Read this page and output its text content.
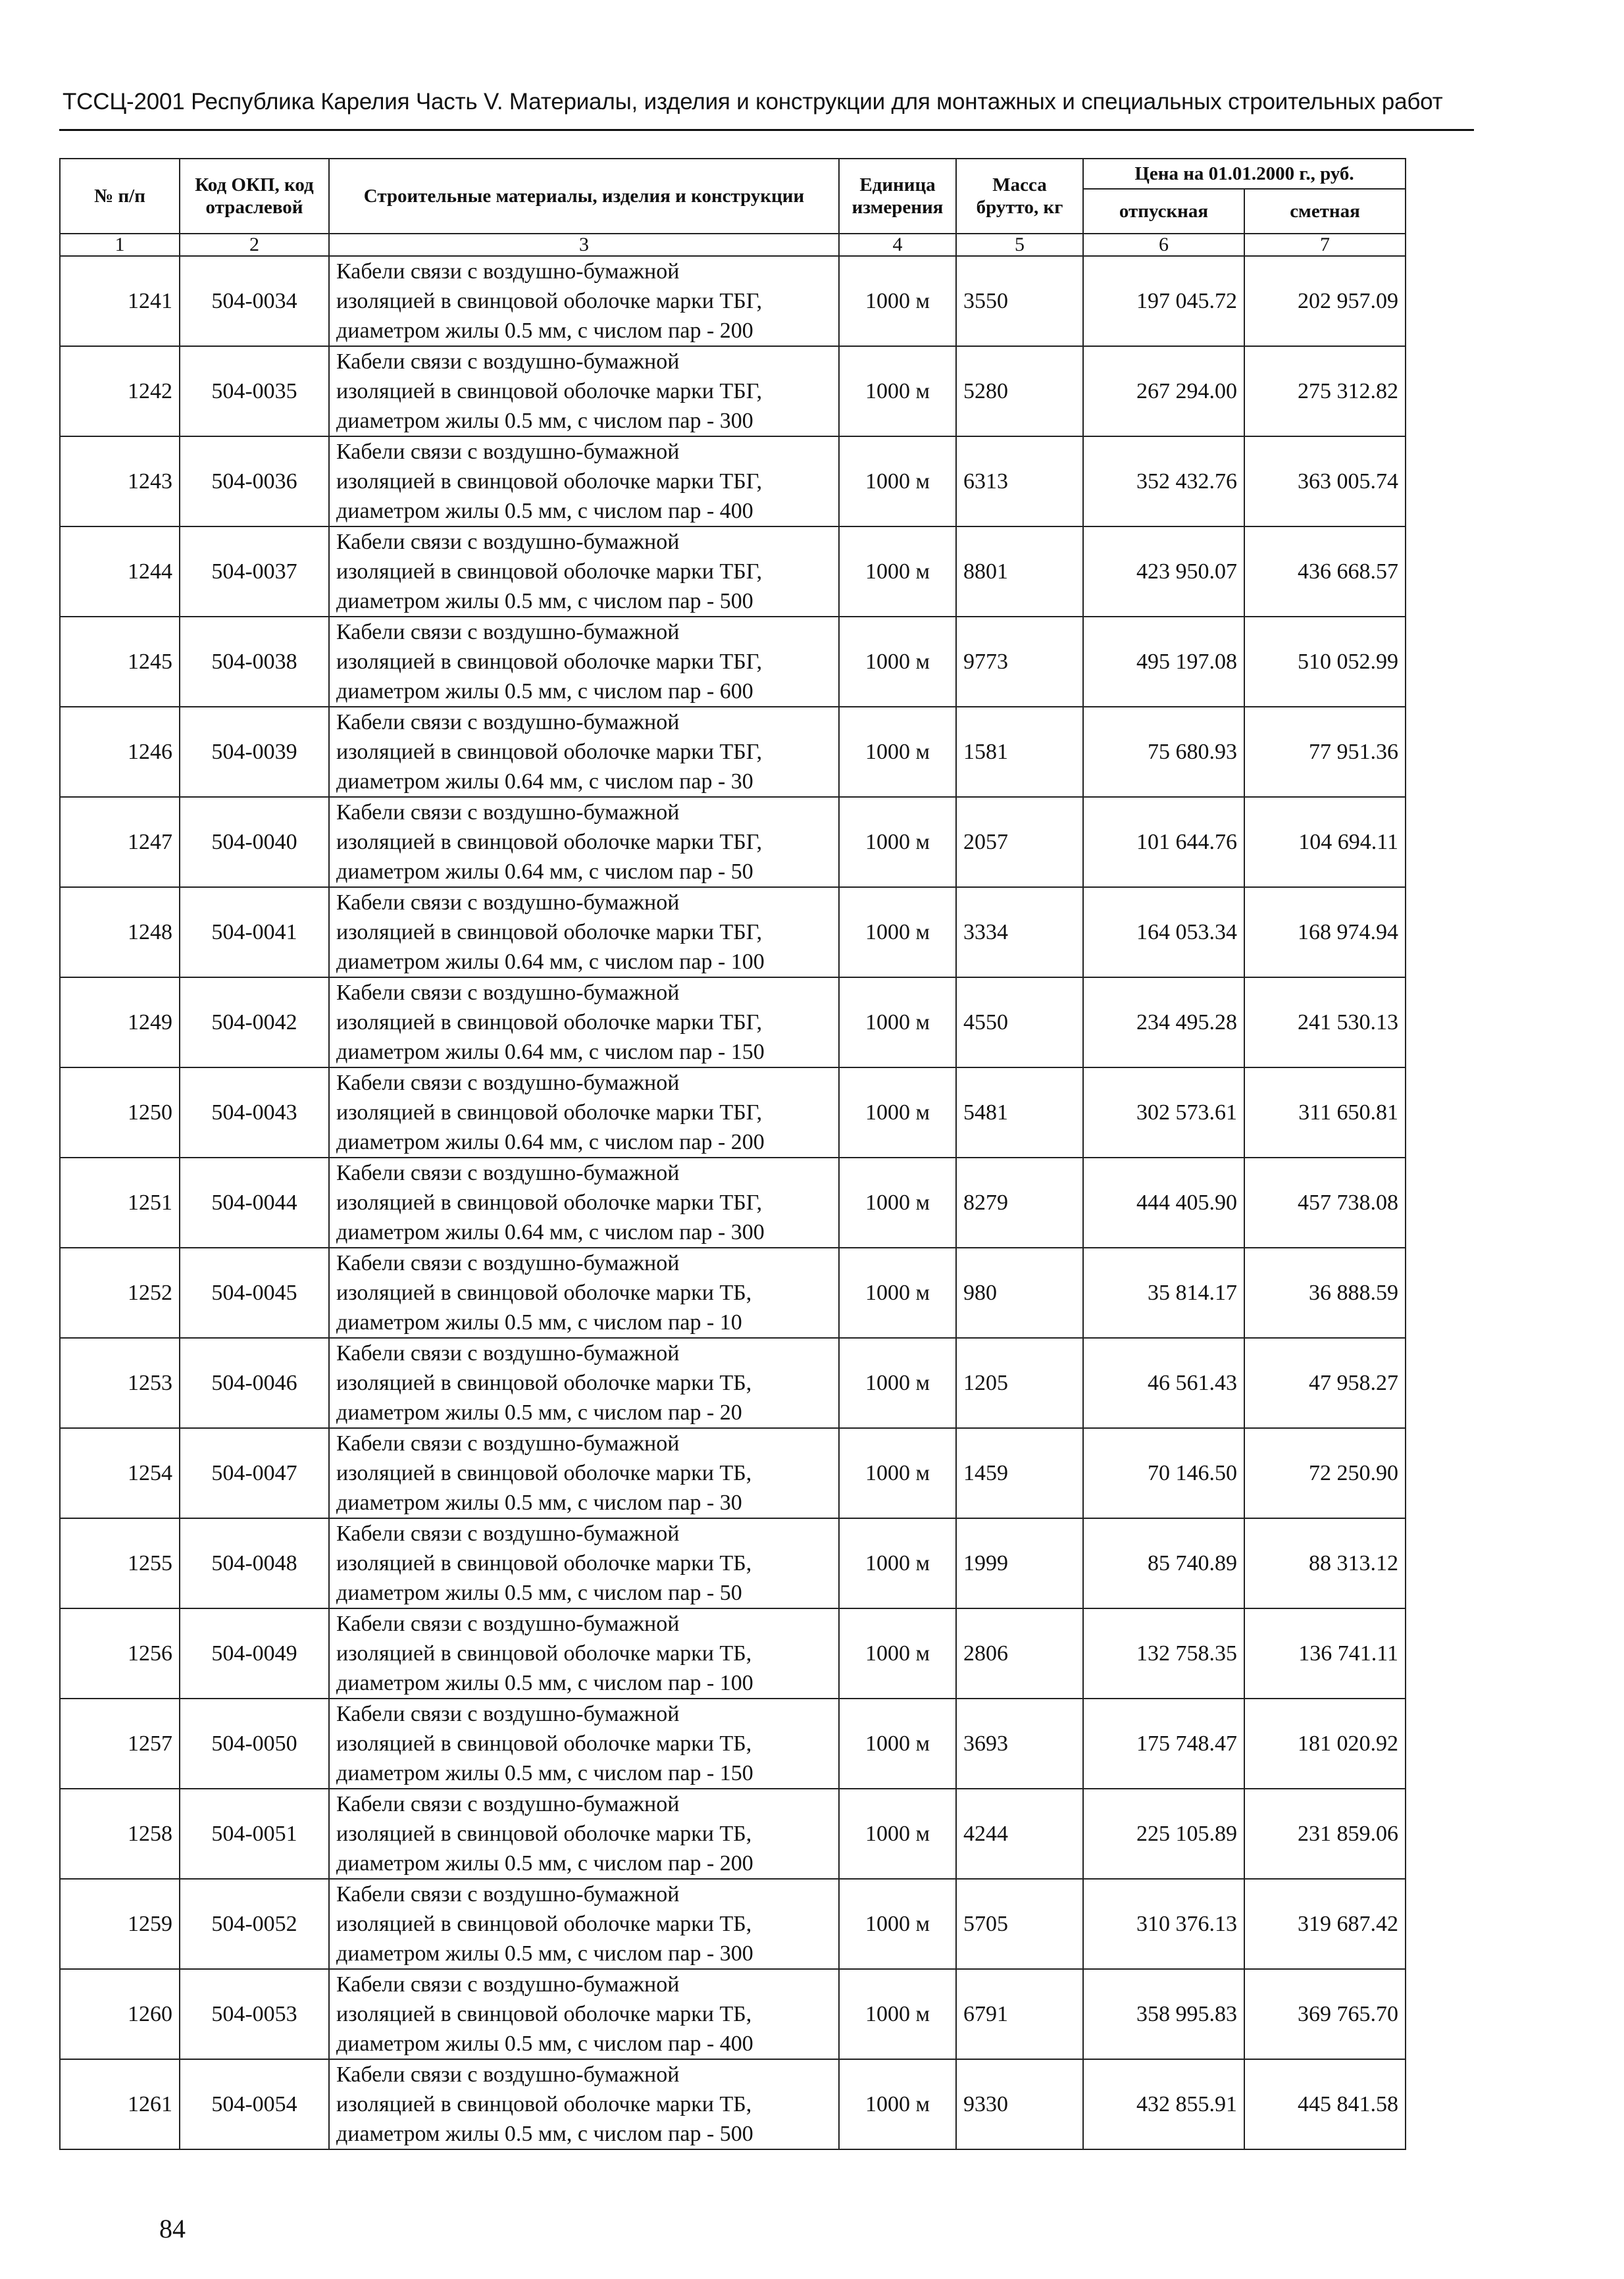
ТССЦ-2001 Республика Карелия Часть V. Материалы, изделия и конструкции для монтажных и специальных строительных работ
№ п/п	Код ОКП, код отраслевой	Строительные материалы, изделия и конструкции	Единица измерения	Масса брутто, кг	Цена на 01.01.2000 г., руб.	
					отпускная	сметная
1	2	3	4	5	6	7
1241	504-0034	Кабели связи с воздушно-бумажной
изоляцией в свинцовой оболочке марки ТБГ,
диаметром жилы 0.5 мм, с числом пар - 200	1000 м	3550	197 045.72	202 957.09
1242	504-0035	Кабели связи с воздушно-бумажной
изоляцией в свинцовой оболочке марки ТБГ,
диаметром жилы 0.5 мм, с числом пар - 300	1000 м	5280	267 294.00	275 312.82
1243	504-0036	Кабели связи с воздушно-бумажной
изоляцией в свинцовой оболочке марки ТБГ,
диаметром жилы 0.5 мм, с числом пар - 400	1000 м	6313	352 432.76	363 005.74
1244	504-0037	Кабели связи с воздушно-бумажной
изоляцией в свинцовой оболочке марки ТБГ,
диаметром жилы 0.5 мм, с числом пар - 500	1000 м	8801	423 950.07	436 668.57
1245	504-0038	Кабели связи с воздушно-бумажной
изоляцией в свинцовой оболочке марки ТБГ,
диаметром жилы 0.5 мм, с числом пар - 600	1000 м	9773	495 197.08	510 052.99
1246	504-0039	Кабели связи с воздушно-бумажной
изоляцией в свинцовой оболочке марки ТБГ,
диаметром жилы 0.64 мм, с числом пар - 30	1000 м	1581	75 680.93	77 951.36
1247	504-0040	Кабели связи с воздушно-бумажной
изоляцией в свинцовой оболочке марки ТБГ,
диаметром жилы 0.64 мм, с числом пар - 50	1000 м	2057	101 644.76	104 694.11
1248	504-0041	Кабели связи с воздушно-бумажной
изоляцией в свинцовой оболочке марки ТБГ,
диаметром жилы 0.64 мм, с числом пар - 100	1000 м	3334	164 053.34	168 974.94
1249	504-0042	Кабели связи с воздушно-бумажной
изоляцией в свинцовой оболочке марки ТБГ,
диаметром жилы 0.64 мм, с числом пар - 150	1000 м	4550	234 495.28	241 530.13
1250	504-0043	Кабели связи с воздушно-бумажной
изоляцией в свинцовой оболочке марки ТБГ,
диаметром жилы 0.64 мм, с числом пар - 200	1000 м	5481	302 573.61	311 650.81
1251	504-0044	Кабели связи с воздушно-бумажной
изоляцией в свинцовой оболочке марки ТБГ,
диаметром жилы 0.64 мм, с числом пар - 300	1000 м	8279	444 405.90	457 738.08
1252	504-0045	Кабели связи с воздушно-бумажной
изоляцией в свинцовой оболочке марки ТБ,
диаметром жилы 0.5 мм, с числом пар - 10	1000 м	980	35 814.17	36 888.59
1253	504-0046	Кабели связи с воздушно-бумажной
изоляцией в свинцовой оболочке марки ТБ,
диаметром жилы 0.5 мм, с числом пар - 20	1000 м	1205	46 561.43	47 958.27
1254	504-0047	Кабели связи с воздушно-бумажной
изоляцией в свинцовой оболочке марки ТБ,
диаметром жилы 0.5 мм, с числом пар - 30	1000 м	1459	70 146.50	72 250.90
1255	504-0048	Кабели связи с воздушно-бумажной
изоляцией в свинцовой оболочке марки ТБ,
диаметром жилы 0.5 мм, с числом пар - 50	1000 м	1999	85 740.89	88 313.12
1256	504-0049	Кабели связи с воздушно-бумажной
изоляцией в свинцовой оболочке марки ТБ,
диаметром жилы 0.5 мм, с числом пар - 100	1000 м	2806	132 758.35	136 741.11
1257	504-0050	Кабели связи с воздушно-бумажной
изоляцией в свинцовой оболочке марки ТБ,
диаметром жилы 0.5 мм, с числом пар - 150	1000 м	3693	175 748.47	181 020.92
1258	504-0051	Кабели связи с воздушно-бумажной
изоляцией в свинцовой оболочке марки ТБ,
диаметром жилы 0.5 мм, с числом пар - 200	1000 м	4244	225 105.89	231 859.06
1259	504-0052	Кабели связи с воздушно-бумажной
изоляцией в свинцовой оболочке марки ТБ,
диаметром жилы 0.5 мм, с числом пар - 300	1000 м	5705	310 376.13	319 687.42
1260	504-0053	Кабели связи с воздушно-бумажной
изоляцией в свинцовой оболочке марки ТБ,
диаметром жилы 0.5 мм, с числом пар - 400	1000 м	6791	358 995.83	369 765.70
1261	504-0054	Кабели связи с воздушно-бумажной
изоляцией в свинцовой оболочке марки ТБ,
диаметром жилы 0.5 мм, с числом пар - 500	1000 м	9330	432 855.91	445 841.58
84
